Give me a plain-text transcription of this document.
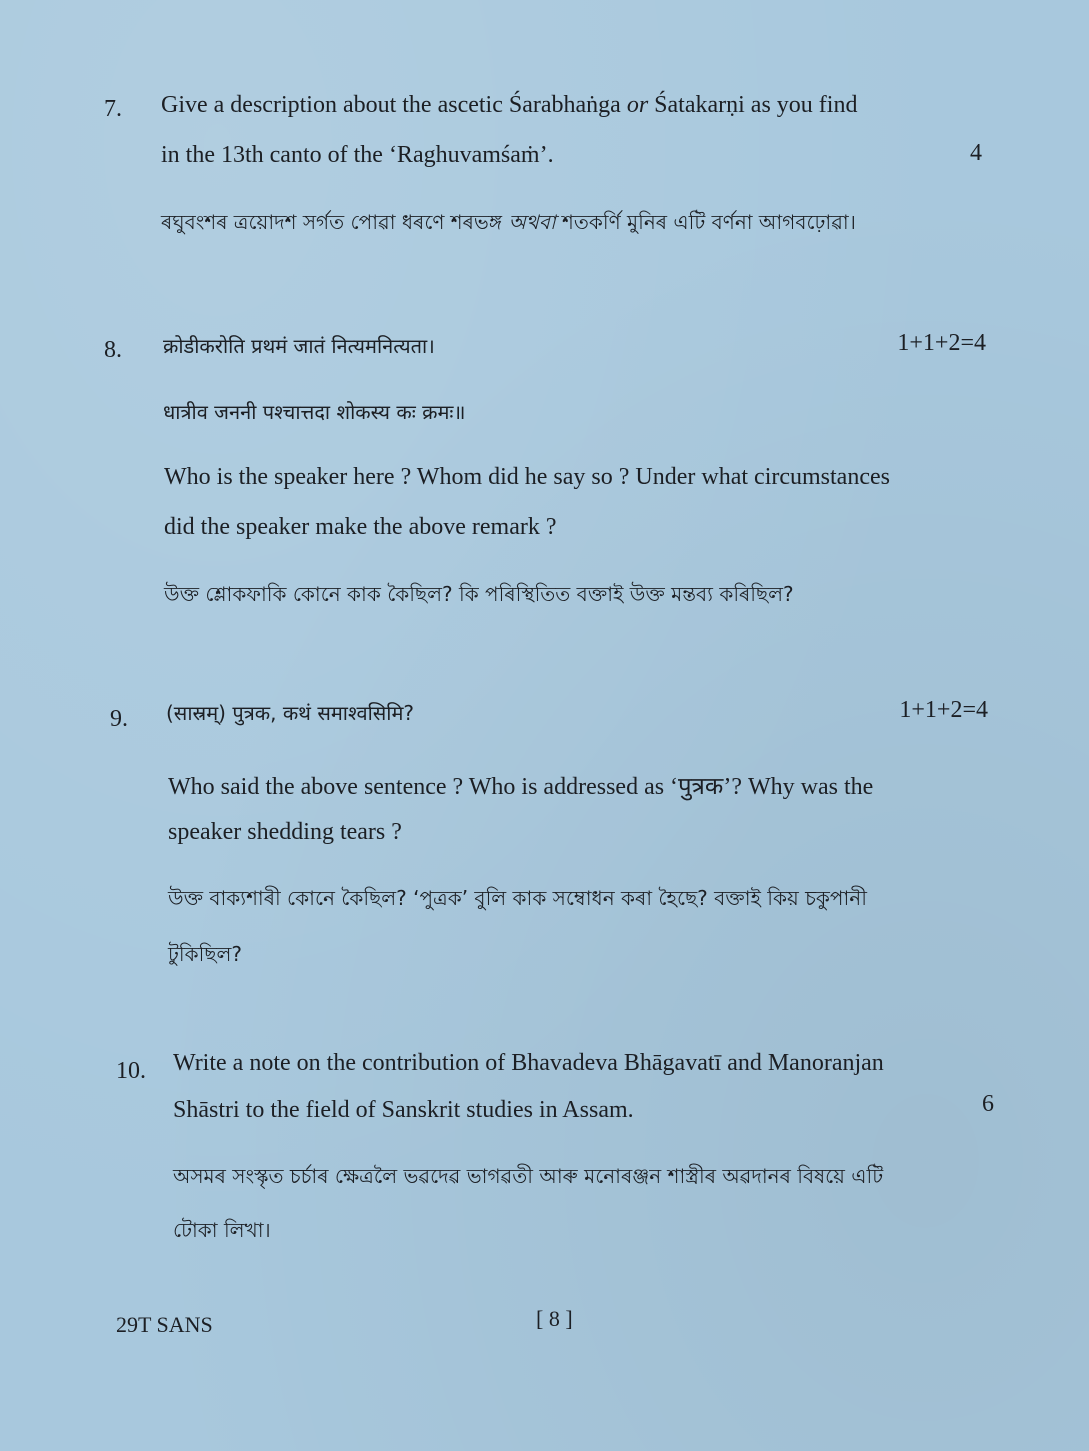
7. Give a description about the ascetic Śarabhaṅga or Śatakarṇi as you find
in the 13th canto of the ‘Raghuvamśaṁ’.	4
ৰঘুবংশৰ ত্ৰয়োদশ সৰ্গত পোৱা ধৰণে শৰভঙ্গ অথবা শতকৰ্ণি মুনিৰ এটি বৰ্ণনা আগবঢ়োৱা।
8. क्रोडीकरोति प्रथमं जातं नित्यमनित्यता।	1+1+2=4
धात्रीव जननी पश्चात्तदा शोकस्य कः क्रमः॥
Who is the speaker here ? Whom did he say so ? Under what circumstances
did the speaker make the above remark ?
উক্ত শ্লোকফাকি কোনে কাক কৈছিল? কি পৰিস্থিতিত বক্তাই উক্ত মন্তব্য কৰিছিল?
9. (सास्रम्) पुत्रक, कथं समाश्वसिमि?	1+1+2=4
Who said the above sentence ? Who is addressed as ‘पुत्रक’? Why was the
speaker shedding tears ?
উক্ত বাক্যশাৰী কোনে কৈছিল? ‘পুত্ৰক’ বুলি কাক সম্বোধন কৰা হৈছে? বক্তাই কিয় চকুপানী
টুকিছিল?
10. Write a note on the contribution of Bhavadeva Bhāgavatī and Manoranjan
Shāstri to the field of Sanskrit studies in Assam.	6
অসমৰ সংস্কৃত চৰ্চাৰ ক্ষেত্ৰলৈ ভৱদেৱ ভাগৱতী আৰু মনোৰঞ্জন শাস্ত্ৰীৰ অৱদানৰ বিষয়ে এটি
টোকা লিখা।
29T SANS	[ 8 ]
